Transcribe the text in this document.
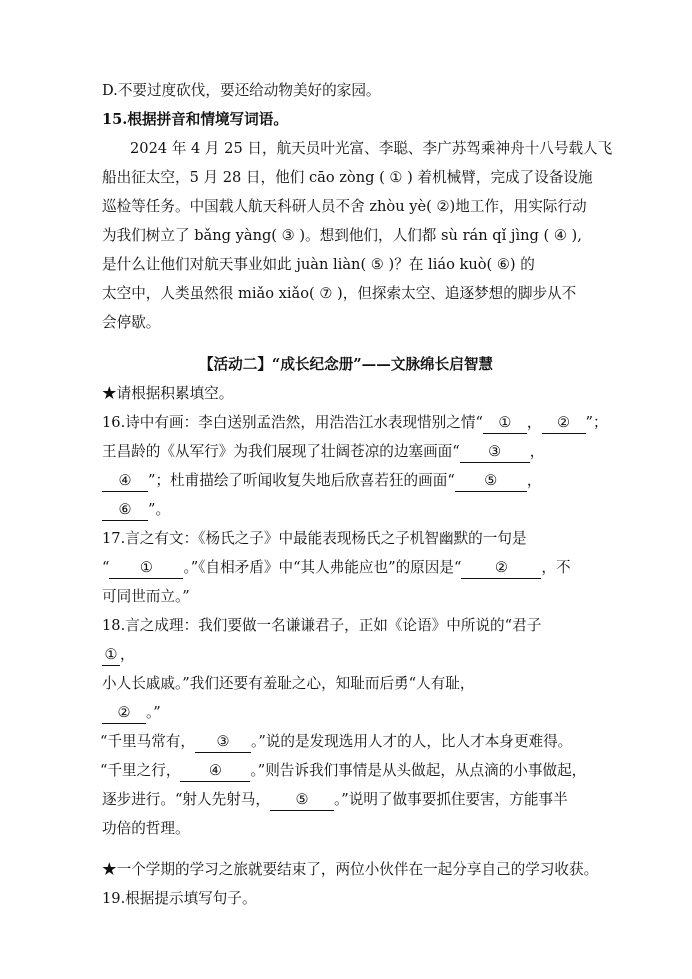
D.不要过度砍伐，要还给动物美好的家园。
15.根据拼音和情境写词语。
2024 年 4 月 25 日，航天员叶光富、李聪、李广苏驾乘神舟十八号载人飞
船出征太空，5 月 28 日，他们 cāo zòng ( ① ) 着机械臂，完成了设备设施
巡检等任务。中国载人航天科研人员不舍 zhòu yè( ②)地工作，用实际行动
为我们树立了 bǎng yàng( ③ )。想到他们，人们都 sù rán qǐ jìng ( ④ ),
是什么让他们对航天事业如此 juàn liàn( ⑤ )？在 liáo kuò( ⑥) 的
太空中，人类虽然很 miǎo xiǎo( ⑦ )，但探索太空、追逐梦想的脚步从不
会停歇。
【活动二】“成长纪念册”——文脉绵长启智慧
★请根据积累填空。
16.诗中有画：李白送别孟浩然，用浩浩江水表现惜别之情“ ① ， ② ”；
王昌龄的《从军行》为我们展现了壮阔苍凉的边塞画面“ ③ ，
④ ”；杜甫描绘了听闻收复失地后欣喜若狂的画面“ ⑤ ，
⑥ ”。
17.言之有文：《杨氏之子》中最能表现杨氏之子机智幽默的一句是
“ ① 。”《自相矛盾》中“其人弗能应也”的原因是“ ② ，不
可同世而立。”
18.言之成理：我们要做一名谦谦君子，正如《论语》中所说的“君子
① ，
小人长戚戚。”我们还要有羞耻之心，知耻而后勇“人有耻，
② 。”
“千里马常有， ③ 。”说的是发现选用人才的人，比人才本身更难得。
“千里之行， ④ 。”则告诉我们事情是从头做起，从点滴的小事做起，
逐步进行。“射人先射马， ⑤ 。”说明了做事要抓住要害，方能事半
功倍的哲理。
★一个学期的学习之旅就要结束了，两位小伙伴在一起分享自己的学习收获。
19.根据提示填写句子。
